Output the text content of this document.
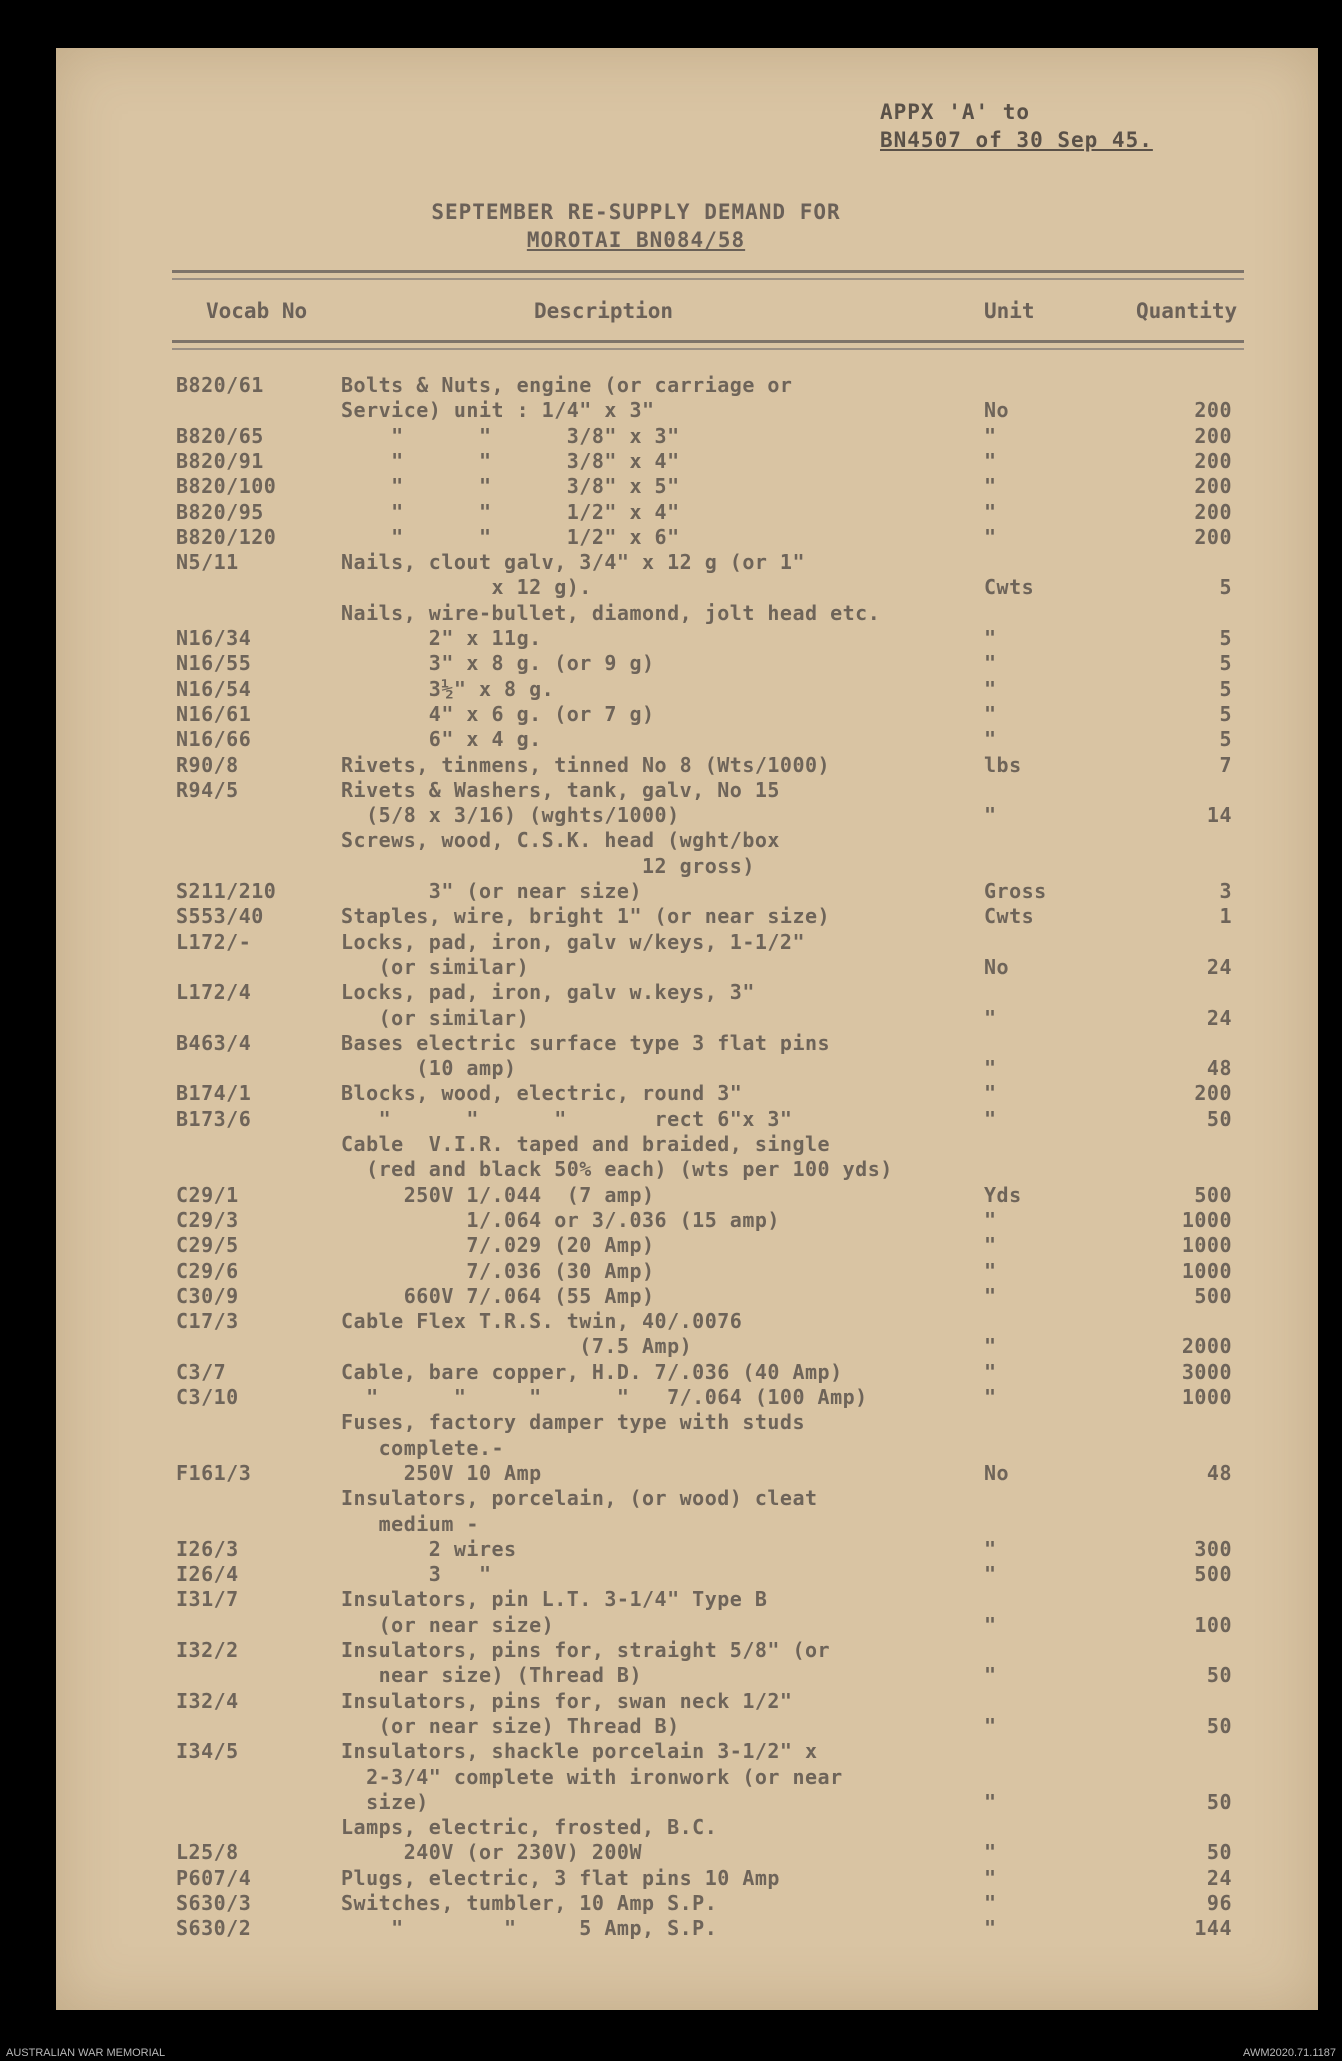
APPX 'A' to
BN4507 of 30 Sep 45.
SEPTEMBER RE-SUPPLY DEMAND FOR
MOROTAI BN084/58
Vocab No	Description	Unit	Quantity
B820/61	Bolts & Nuts, engine (or carriage or
Service) unit : 1/4" x 3"	No	200
B820/65	"      "      3/8" x 3"	"	200
B820/91	"      "      3/8" x 4"	"	200
B820/100	"      "      3/8" x 5"	"	200
B820/95	"      "      1/2" x 4"	"	200
B820/120	"      "      1/2" x 6"	"	200
N5/11	Nails, clout galv, 3/4" x 12 g (or 1"
x 12 g).	Cwts	5
Nails, wire-bullet, diamond, jolt head etc.
N16/34	2" x 11g.	"	5
N16/55	3" x 8 g. (or 9 g)	"	5
N16/54	3½" x 8 g.	"	5
N16/61	4" x 6 g. (or 7 g)	"	5
N16/66	6" x 4 g.	"	5
R90/8	Rivets, tinmens, tinned No 8 (Wts/1000)	lbs	7
R94/5	Rivets & Washers, tank, galv, No 15
(5/8 x 3/16) (wghts/1000)	"	14
Screws, wood, C.S.K. head (wght/box
12 gross)
S211/210	3" (or near size)	Gross	3
S553/40	Staples, wire, bright 1" (or near size)	Cwts	1
L172/-	Locks, pad, iron, galv w/keys, 1-1/2"
(or similar)	No	24
L172/4	Locks, pad, iron, galv w.keys, 3"
(or similar)	"	24
B463/4	Bases electric surface type 3 flat pins
(10 amp)	"	48
B174/1	Blocks, wood, electric, round 3"	"	200
B173/6	"      "      "       rect 6"x 3"	"	50
Cable  V.I.R. taped and braided, single
(red and black 50% each) (wts per 100 yds)
C29/1	250V 1/.044  (7 amp)	Yds	500
C29/3	1/.064 or 3/.036 (15 amp)	"	1000
C29/5	7/.029 (20 Amp)	"	1000
C29/6	7/.036 (30 Amp)	"	1000
C30/9	660V 7/.064 (55 Amp)	"	500
C17/3	Cable Flex T.R.S. twin, 40/.0076
(7.5 Amp)	"	2000
C3/7	Cable, bare copper, H.D. 7/.036 (40 Amp)	"	3000
C3/10	"      "     "      "   7/.064 (100 Amp)	"	1000
Fuses, factory damper type with studs
complete.-
F161/3	250V 10 Amp	No	48
Insulators, porcelain, (or wood) cleat
medium -
I26/3	2 wires	"	300
I26/4	3   "	"	500
I31/7	Insulators, pin L.T. 3-1/4" Type B
(or near size)	"	100
I32/2	Insulators, pins for, straight 5/8" (or
near size) (Thread B)	"	50
I32/4	Insulators, pins for, swan neck 1/2"
(or near size) Thread B)	"	50
I34/5	Insulators, shackle porcelain 3-1/2" x
2-3/4" complete with ironwork (or near
size)	"	50
Lamps, electric, frosted, B.C.
L25/8	240V (or 230V) 200W	"	50
P607/4	Plugs, electric, 3 flat pins 10 Amp	"	24
S630/3	Switches, tumbler, 10 Amp S.P.	"	96
S630/2	"        "     5 Amp, S.P.	"	144
AUSTRALIAN WAR MEMORIAL	AWM2020.71.1187
